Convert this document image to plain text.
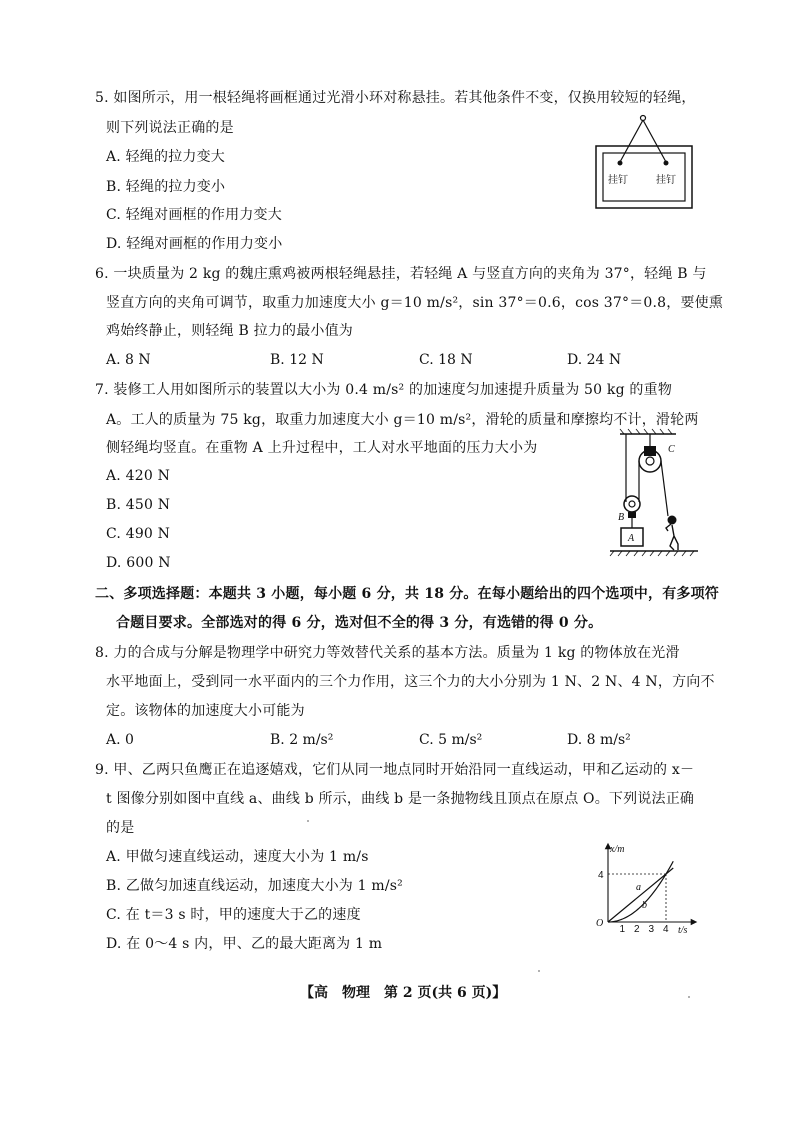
5. 如图所示，用一根轻绳将画框通过光滑小环对称悬挂。若其他条件不变，仅换用较短的轻绳，
则下列说法正确的是
A. 轻绳的拉力变大
B. 轻绳的拉力变小
C. 轻绳对画框的作用力变大
D. 轻绳对画框的作用力变小
挂钉	挂钉
6. 一块质量为 2 kg 的魏庄熏鸡被两根轻绳悬挂，若轻绳 A 与竖直方向的夹角为 37°，轻绳 B 与
竖直方向的夹角可调节，取重力加速度大小 g＝10 m/s²，sin 37°＝0.6，cos 37°＝0.8，要使熏
鸡始终静止，则轻绳 B 拉力的最小值为
A. 8 N	B. 12 N	C. 18 N	D. 24 N
7. 装修工人用如图所示的装置以大小为 0.4 m/s² 的加速度匀加速提升质量为 50 kg 的重物
A。工人的质量为 75 kg，取重力加速度大小 g＝10 m/s²，滑轮的质量和摩擦均不计，滑轮两
侧轻绳均竖直。在重物 A 上升过程中，工人对水平地面的压力大小为
A. 420 N
B. 450 N
C. 490 N
D. 600 N
C
B
A
二、多项选择题：本题共 3 小题，每小题 6 分，共 18 分。在每小题给出的四个选项中，有多项符
合题目要求。全部选对的得 6 分，选对但不全的得 3 分，有选错的得 0 分。
8. 力的合成与分解是物理学中研究力等效替代关系的基本方法。质量为 1 kg 的物体放在光滑
水平地面上，受到同一水平面内的三个力作用，这三个力的大小分别为 1 N、2 N、4 N，方向不
定。该物体的加速度大小可能为
A. 0	B. 2 m/s²	C. 5 m/s²	D. 8 m/s²
9. 甲、乙两只鱼鹰正在追逐嬉戏，它们从同一地点同时开始沿同一直线运动，甲和乙运动的 x－
t 图像分别如图中直线 a、曲线 b 所示，曲线 b 是一条抛物线且顶点在原点 O。下列说法正确
的是
A. 甲做匀速直线运动，速度大小为 1 m/s
B. 乙做匀加速直线运动，加速度大小为 1 m/s²
C. 在 t＝3 s 时，甲的速度大于乙的速度
D. 在 0～4 s 内，甲、乙的最大距离为 1 m
x/m
t/s
O
4
1 2 3 4
a
b
【高　物理　第 2 页(共 6 页)】
